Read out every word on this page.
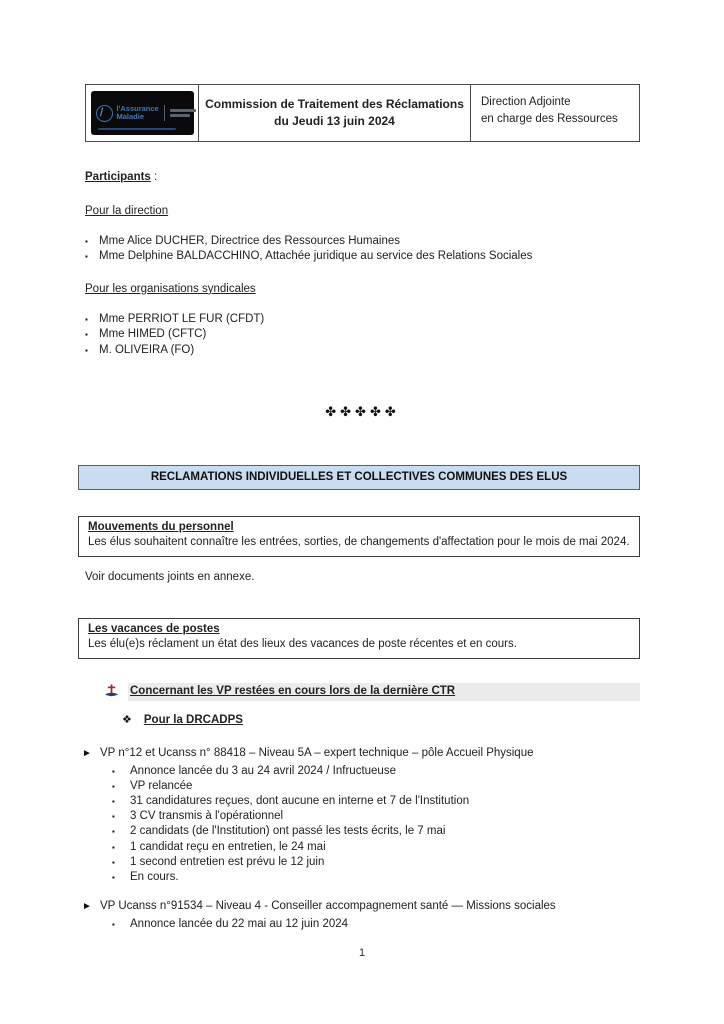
l'Assurance
Maladie
Commission de Traitement des Réclamations
du Jeudi 13 juin 2024
Direction Adjointe
en charge des Ressources
Participants :
Pour la direction
▪ Mme Alice DUCHER, Directrice des Ressources Humaines
▪ Mme Delphine BALDACCHINO, Attachée juridique au service des Relations Sociales
Pour les organisations syndicales
▪ Mme PERRIOT LE FUR (CFDT)
▪ Mme HIMED (CFTC)
▪ M. OLIVEIRA (FO)
✤✤✤✤✤
RECLAMATIONS INDIVIDUELLES ET COLLECTIVES COMMUNES DES ELUS
Mouvements du personnel
Les élus souhaitent connaître les entrées, sorties, de changements d'affectation pour le mois de mai 2024.
Voir documents joints en annexe.
Les vacances de postes
Les élu(e)s réclament un état des lieux des vacances de poste récentes et en cours.
Concernant les VP restées en cours lors de la dernière CTR
❖ Pour la DRCADPS
► VP n°12 et Ucanss n° 88418 – Niveau 5A – expert technique – pôle Accueil Physique
▪ Annonce lancée du 3 au 24 avril 2024 / Infructueuse
▪ VP relancée
▪ 31 candidatures reçues, dont aucune en interne et 7 de l'Institution
▪ 3 CV transmis à l'opérationnel
▪ 2 candidats (de l'Institution) ont passé les tests écrits, le 7 mai
▪ 1 candidat reçu en entretien, le 24 mai
▪ 1 second entretien est prévu le 12 juin
▪ En cours.
► VP Ucanss n°91534 – Niveau 4 - Conseiller accompagnement santé — Missions sociales
▪ Annonce lancée du 22 mai au 12 juin 2024
1
